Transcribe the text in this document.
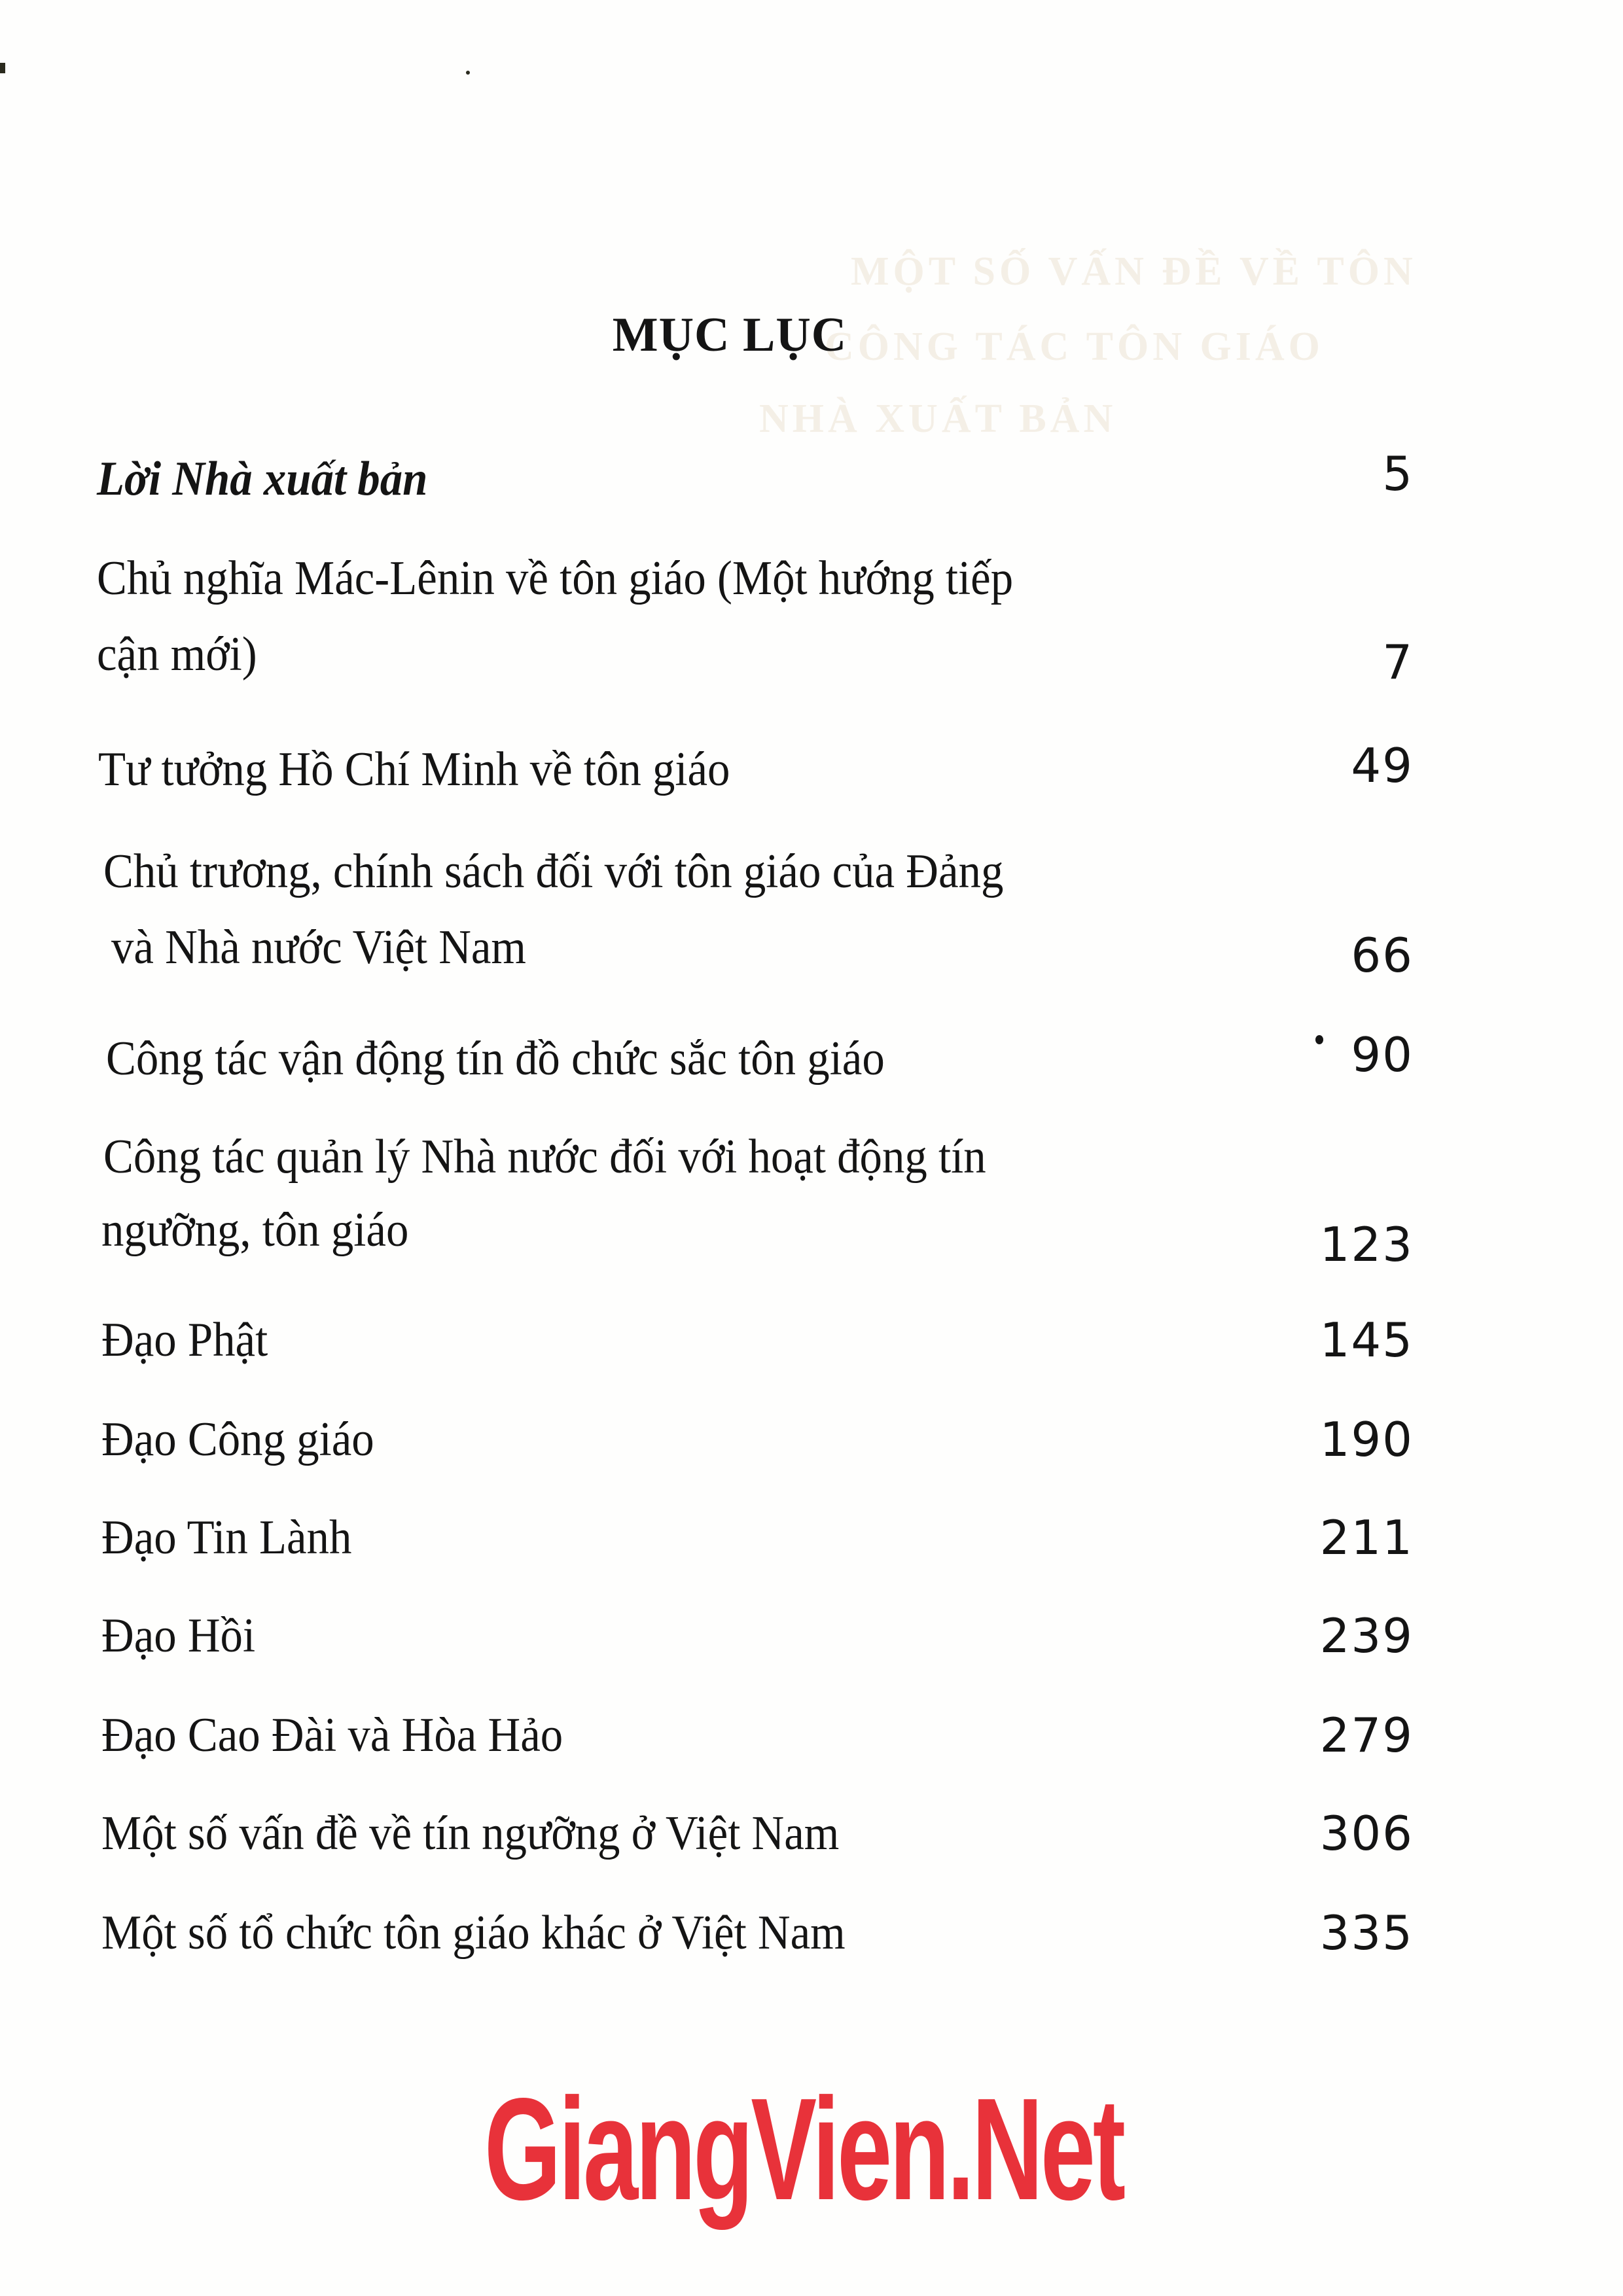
MỘT SỐ VẤN ĐỀ VỀ TÔN
CÔNG TÁC TÔN GIÁO
NHÀ XUẤT BẢN
MỤC LỤC
Lời Nhà xuất bản	5
Chủ nghĩa Mác-Lênin về tôn giáo (Một hướng tiếp
cận mới)	7
Tư tưởng Hồ Chí Minh về tôn giáo	49
Chủ trương, chính sách đối với tôn giáo của Đảng
và Nhà nước Việt Nam	66
Công tác vận động tín đồ chức sắc tôn giáo	90
Công tác quản lý Nhà nước đối với hoạt động tín
ngưỡng, tôn giáo	123
Đạo Phật	145
Đạo Công giáo	190
Đạo Tin Lành	211
Đạo Hồi	239
Đạo Cao Đài và Hòa Hảo	279
Một số vấn đề về tín ngưỡng ở Việt Nam	306
Một số tổ chức tôn giáo khác ở Việt Nam	335
GiangVien.Net
